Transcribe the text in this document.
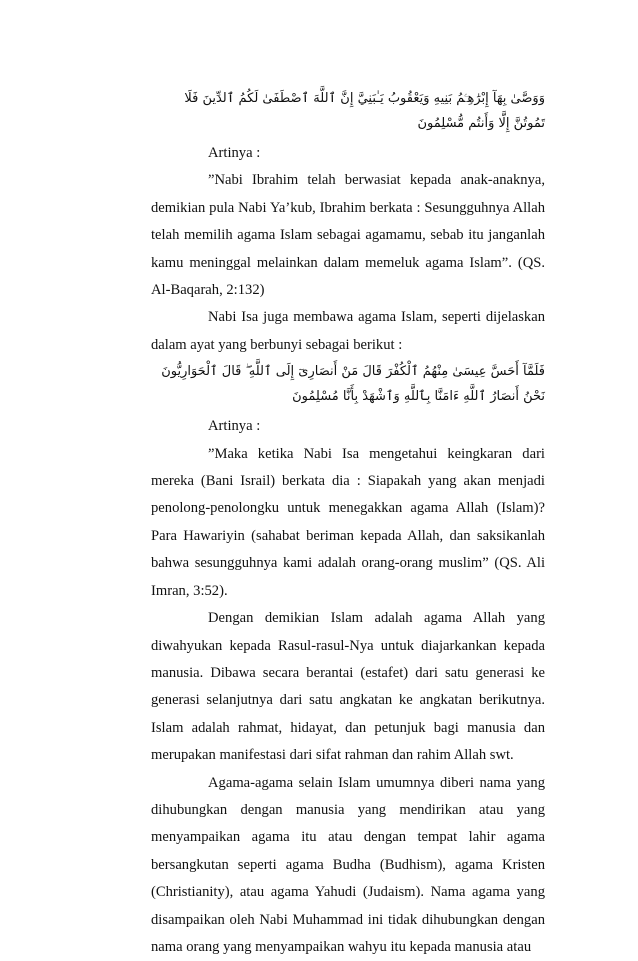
وَوَصَّىٰ بِهَآ إِبْرَٰهِـۧمُ بَنِيهِ وَيَعْقُوبُ يَـٰبَنِيَّ إِنَّ ٱللَّهَ ٱصْطَفَىٰ لَكُمُ ٱلدِّينَ فَلَا تَمُوتُنَّ إِلَّا وَأَنتُم مُّسْلِمُونَ

Artinya :

”Nabi Ibrahim telah berwasiat kepada anak-anaknya, demikian pula Nabi Ya’kub, Ibrahim berkata : Sesungguhnya Allah telah memilih agama Islam sebagai agamamu, sebab itu janganlah kamu meninggal melainkan dalam memeluk agama Islam”. (QS. Al-Baqarah, 2:132)

Nabi Isa juga membawa agama Islam, seperti dijelaskan dalam ayat yang berbunyi sebagai berikut :

فَلَمَّآ أَحَسَّ عِيسَىٰ مِنْهُمُ ٱلْكُفْرَ قَالَ مَنْ أَنصَارِىٓ إِلَى ٱللَّهِ ۖ قَالَ ٱلْحَوَارِيُّونَ نَحْنُ أَنصَارُ ٱللَّهِ ءَامَنَّا بِٱللَّهِ وَٱشْهَدْ بِأَنَّا مُسْلِمُونَ

Artinya :

”Maka ketika Nabi Isa mengetahui keingkaran dari mereka (Bani Israil) berkata dia : Siapakah yang akan menjadi penolong-penolongku untuk menegakkan agama Allah (Islam)? Para Hawariyin (sahabat beriman kepada Allah, dan saksikanlah bahwa sesungguhnya kami adalah orang-orang muslim” (QS. Ali Imran, 3:52).

Dengan demikian Islam adalah agama Allah yang diwahyukan kepada Rasul-rasul-Nya untuk diajarkankan kepada manusia. Dibawa secara berantai (estafet) dari satu generasi ke generasi selanjutnya dari satu angkatan ke angkatan berikutnya. Islam adalah rahmat, hidayat, dan petunjuk bagi manusia dan merupakan manifestasi dari sifat rahman dan rahim Allah swt.

Agama-agama selain Islam umumnya diberi nama yang dihubungkan dengan manusia yang mendirikan atau yang menyampaikan agama itu atau dengan tempat lahir agama bersangkutan seperti agama Budha (Budhism), agama Kristen (Christianity), atau agama Yahudi (Judaism). Nama agama yang disampaikan oleh Nabi Muhammad ini tidak dihubungkan dengan nama orang yang menyampaikan wahyu itu kepada manusia atau
